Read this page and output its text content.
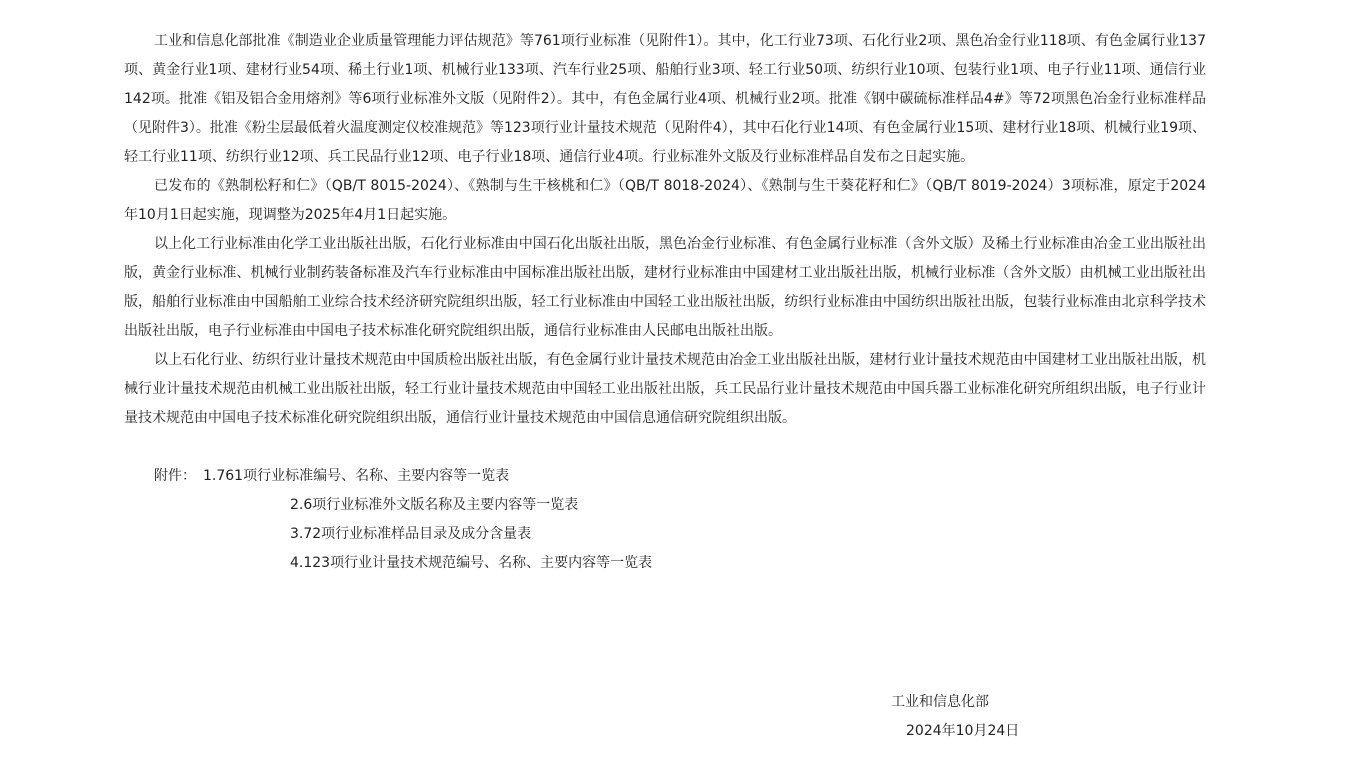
工业和信息化部批准《制造业企业质量管理能力评估规范》等761项行业标准（见附件1）。其中，化工行业73项、石化行业2项、黑色冶金行业118项、有色金属行业137项、黄金行业1项、建材行业54项、稀土行业1项、机械行业133项、汽车行业25项、船舶行业3项、轻工行业50项、纺织行业10项、包装行业1项、电子行业11项、通信行业142项。批准《铝及铝合金用熔剂》等6项行业标准外文版（见附件2）。其中，有色金属行业4项、机械行业2项。批准《钢中碳硫标准样品4#》等72项黑色冶金行业标准样品（见附件3）。批准《粉尘层最低着火温度测定仪校准规范》等123项行业计量技术规范（见附件4），其中石化行业14项、有色金属行业15项、建材行业18项、机械行业19项、轻工行业11项、纺织行业12项、兵工民品行业12项、电子行业18项、通信行业4项。行业标准外文版及行业标准样品自发布之日起实施。

已发布的《熟制松籽和仁》（QB/T 8015-2024）、《熟制与生干核桃和仁》（QB/T 8018-2024）、《熟制与生干葵花籽和仁》（QB/T 8019-2024）3项标准，原定于2024年10月1日起实施，现调整为2025年4月1日起实施。

以上化工行业标准由化学工业出版社出版，石化行业标准由中国石化出版社出版，黑色冶金行业标准、有色金属行业标准（含外文版）及稀土行业标准由冶金工业出版社出版，黄金行业标准、机械行业制药装备标准及汽车行业标准由中国标准出版社出版，建材行业标准由中国建材工业出版社出版，机械行业标准（含外文版）由机械工业出版社出版，船舶行业标准由中国船舶工业综合技术经济研究院组织出版，轻工行业标准由中国轻工业出版社出版，纺织行业标准由中国纺织出版社出版，包装行业标准由北京科学技术出版社出版，电子行业标准由中国电子技术标准化研究院组织出版，通信行业标准由人民邮电出版社出版。

以上石化行业、纺织行业计量技术规范由中国质检出版社出版，有色金属行业计量技术规范由冶金工业出版社出版，建材行业计量技术规范由中国建材工业出版社出版，机械行业计量技术规范由机械工业出版社出版，轻工行业计量技术规范由中国轻工业出版社出版，兵工民品行业计量技术规范由中国兵器工业标准化研究所组织出版，电子行业计量技术规范由中国电子技术标准化研究院组织出版，通信行业计量技术规范由中国信息通信研究院组织出版。

附件： 1.761项行业标准编号、名称、主要内容等一览表
2.6项行业标准外文版名称及主要内容等一览表
3.72项行业标准样品目录及成分含量表
4.123项行业计量技术规范编号、名称、主要内容等一览表
工业和信息化部
2024年10月24日
